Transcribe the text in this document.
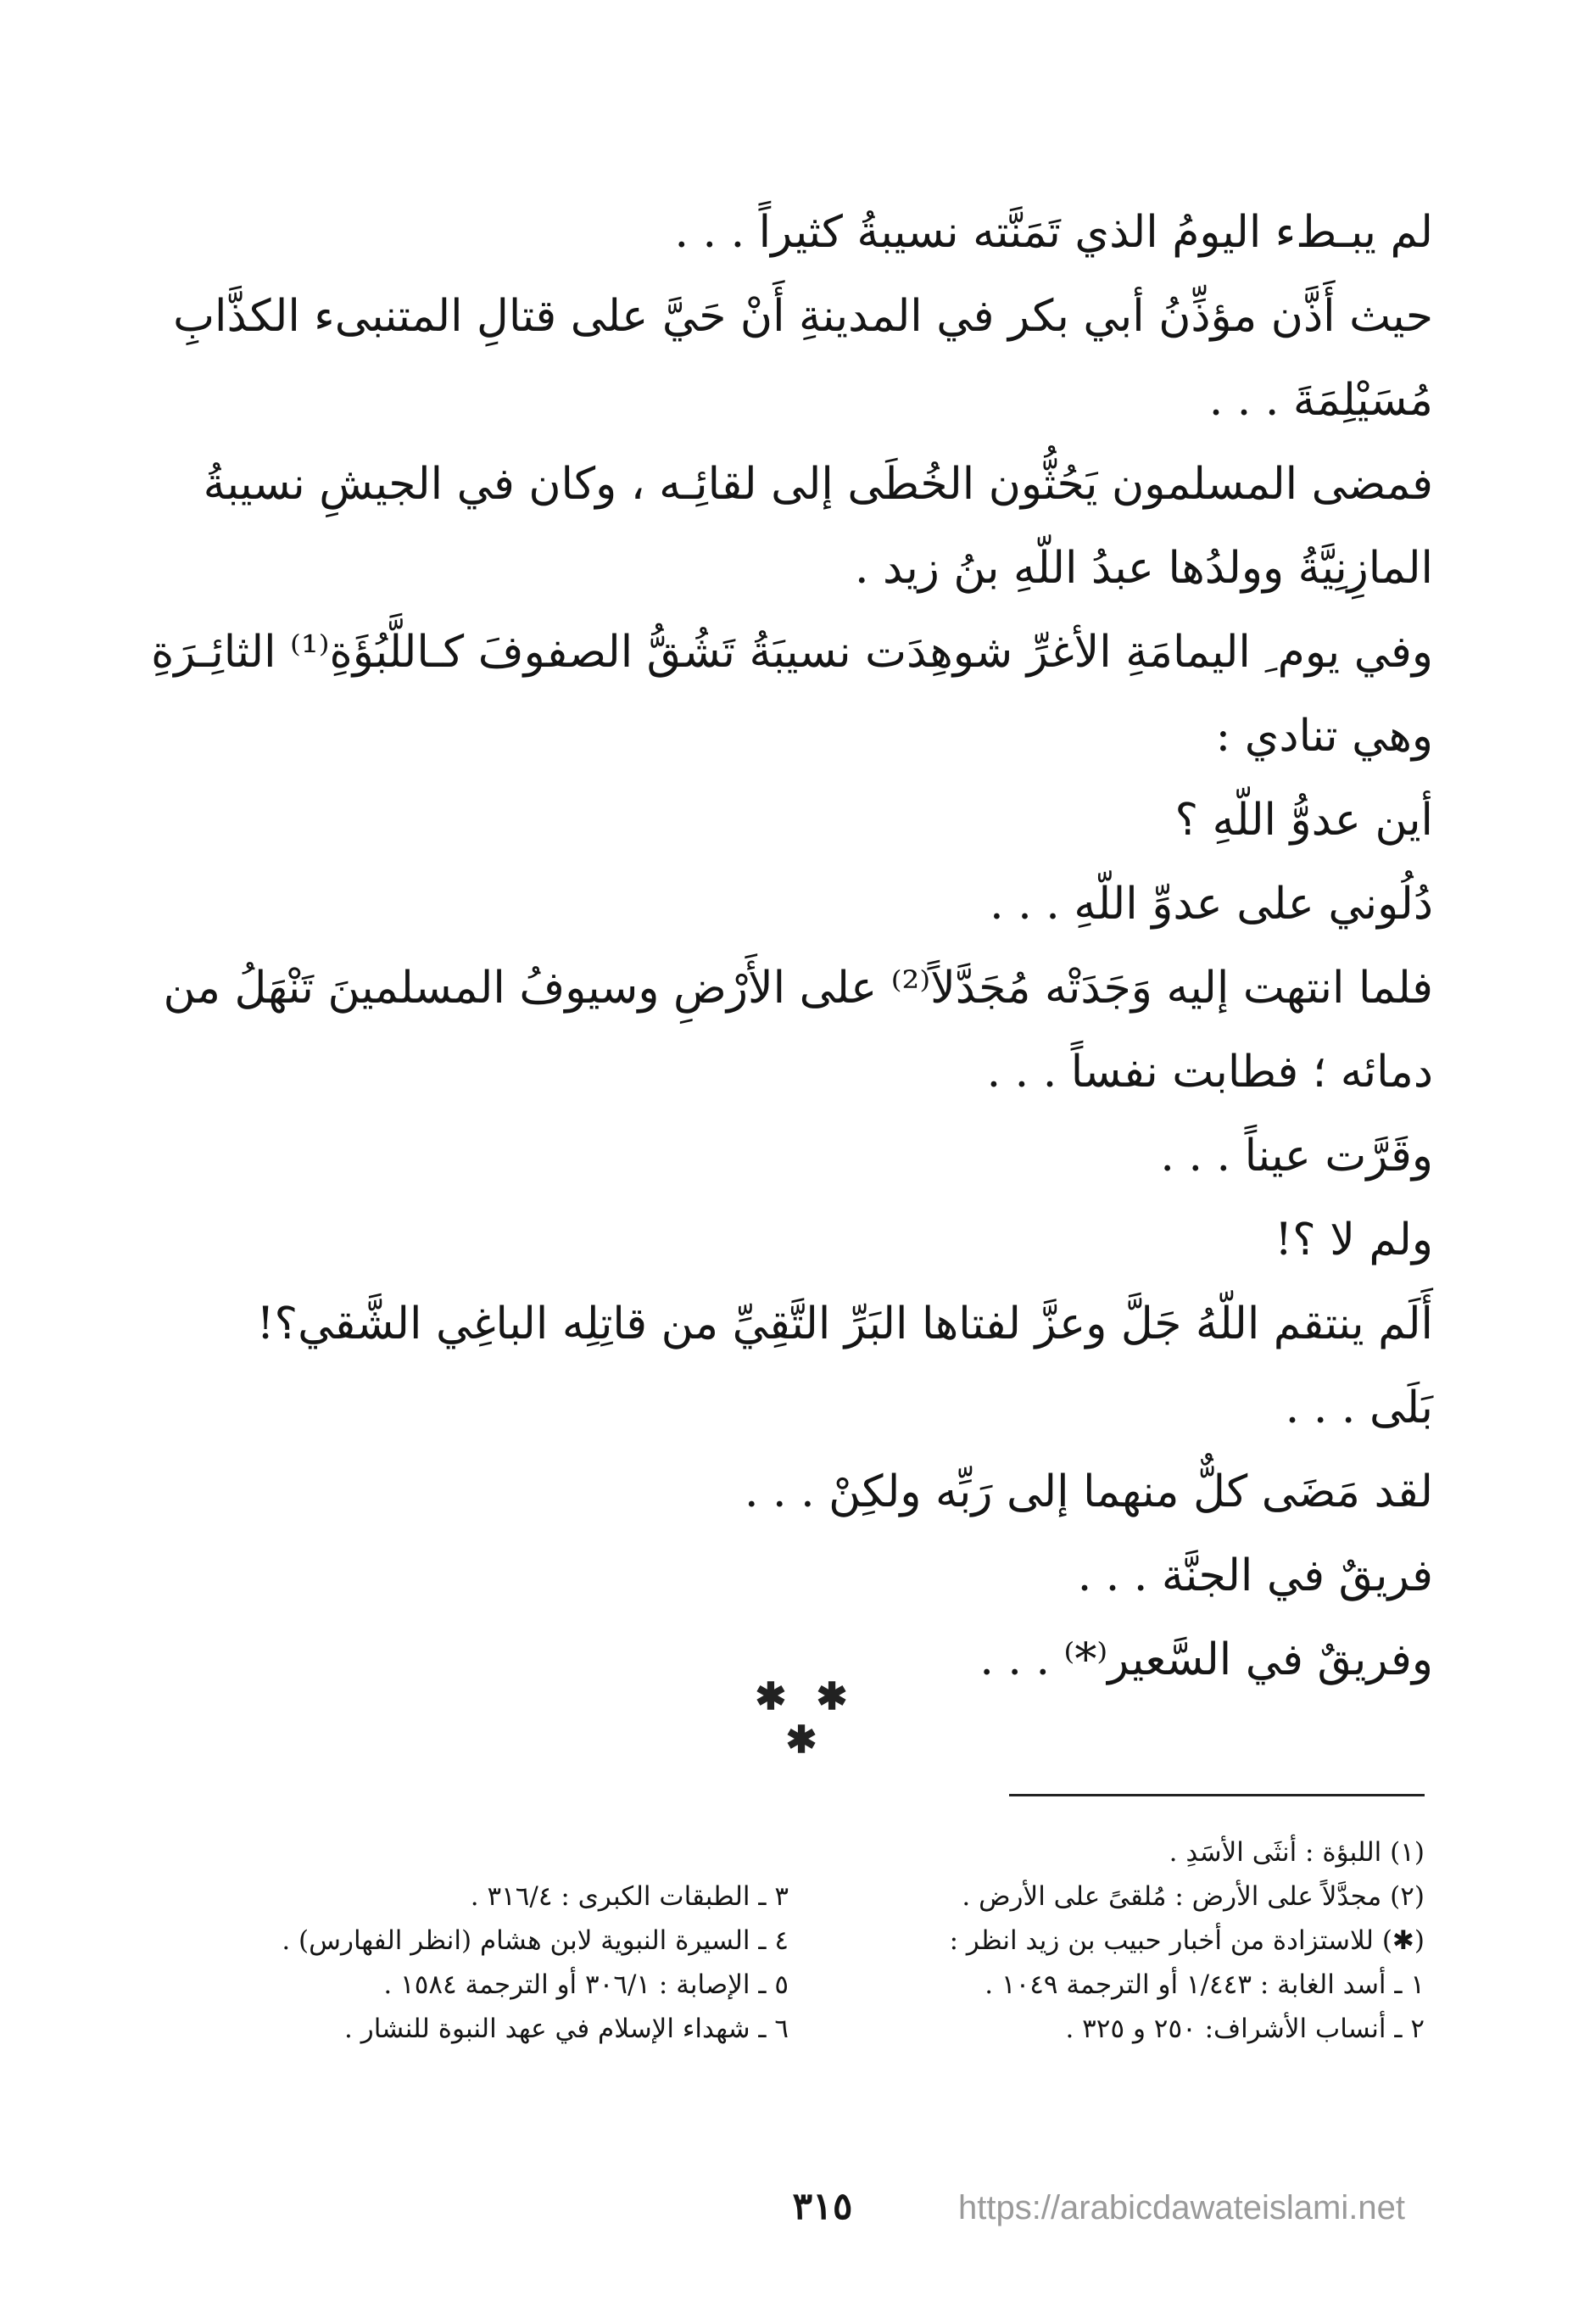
لم يبـطء اليومُ الذي تَمَنَّته نسيبةُ كثيراً . . .
حيث أَذَّن مؤذِّنُ أبي بكر في المدينةِ أَنْ حَيَّ على قتالِ المتنبىء الكذَّابِ
مُسَيْلِمَةَ . . .
فمضى المسلمون يَحُثُّون الخُطَى إلى لقائِـه ، وكان في الجيشِ نسيبةُ
المازِنِيَّةُ وولدُها عبدُ اللّهِ بنُ زيد .
وفي يوم ِ اليمامَةِ الأغرِّ شوهِدَت نسيبَةُ تَشُقُّ الصفوفَ كـاللَّبُؤَةِ⁽¹⁾ الثائِـرَةِ
وهي تنادي :
أين عدوُّ اللّهِ ؟
دُلُوني على عدوِّ اللّهِ . . .
فلما انتهت إليه وَجَدَتْه مُجَدَّلاً⁽²⁾ على الأَرْضِ وسيوفُ المسلمينَ تَنْهَلُ من
دمائه ؛ فطابت نفساً . . .
وقَرَّت عيناً . . .
ولم لا ؟!
أَلَم ينتقم اللّهُ جَلَّ وعزَّ لفتاها البَرِّ التَّقِيِّ من قاتِلِه الباغِي الشَّقي؟!
بَلَى . . .
لقد مَضَى كلٌّ منهما إلى رَبِّه ولكِنْ . . .
فريقٌ في الجنَّة . . .
وفريقٌ في السَّعير⁽*⁾ . . .
✱ ✱ ✱
(١) اللبؤة : أنثَى الأسَدِ .
(٢) مجدَّلاً على الأرض : مُلقىً على الأرض .
(✱) للاستزادة من أخبار حبيب بن زيد انظر :
١ ـ أسد الغابة : ١/٤٤٣ أو الترجمة ١٠٤٩ .
٢ ـ أنساب الأشراف: ٢٥٠ و ٣٢٥ .
٣ ـ الطبقات الكبرى : ٣١٦/٤ .
٤ ـ السيرة النبوية لابن هشام (انظر الفهارس) .
٥ ـ الإصابة : ٣٠٦/١ أو الترجمة ١٥٨٤ .
٦ ـ شهداء الإسلام في عهد النبوة للنشار .
٣١٥	https://arabicdawateislami.net
